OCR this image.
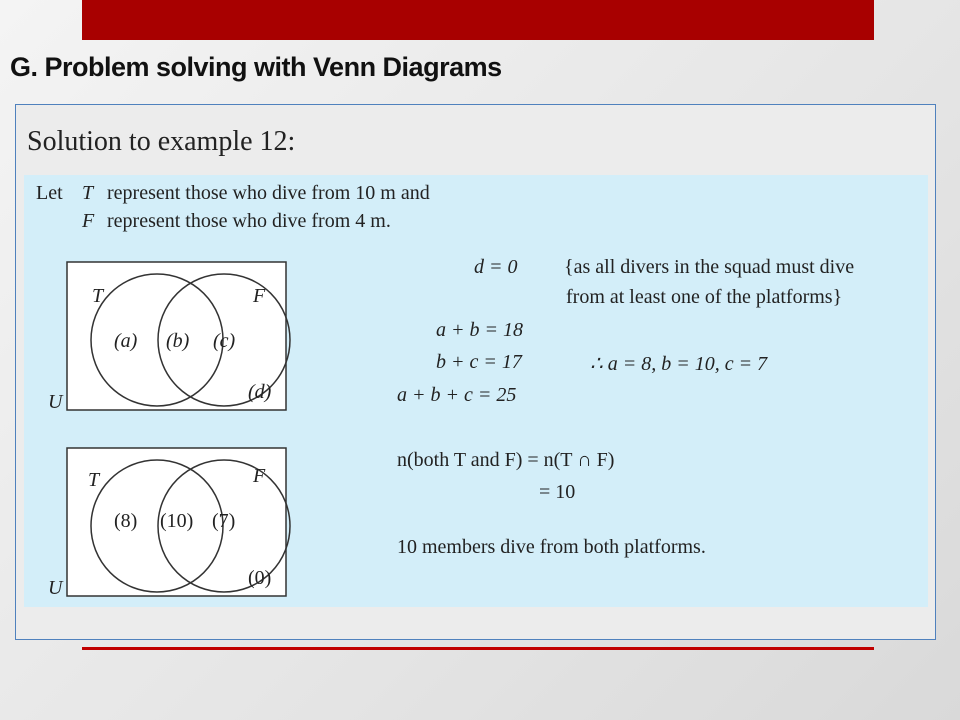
G. Problem solving with Venn Diagrams
Solution to example 12:
Let T represent those who dive from 10 m and
F represent those who dive from 4 m.
T	F
(a) (b) (c)
(d)
U
T	F
(8) (10) (7)
(0)
U
d = 0 {as all divers in the squad must dive
from at least one of the platforms}
a + b = 18
b + c = 17
a + b + c = 25
∴ a = 8, b = 10, c = 7
n(both T and F) = n(T ∩ F)
= 10
10 members dive from both platforms.
